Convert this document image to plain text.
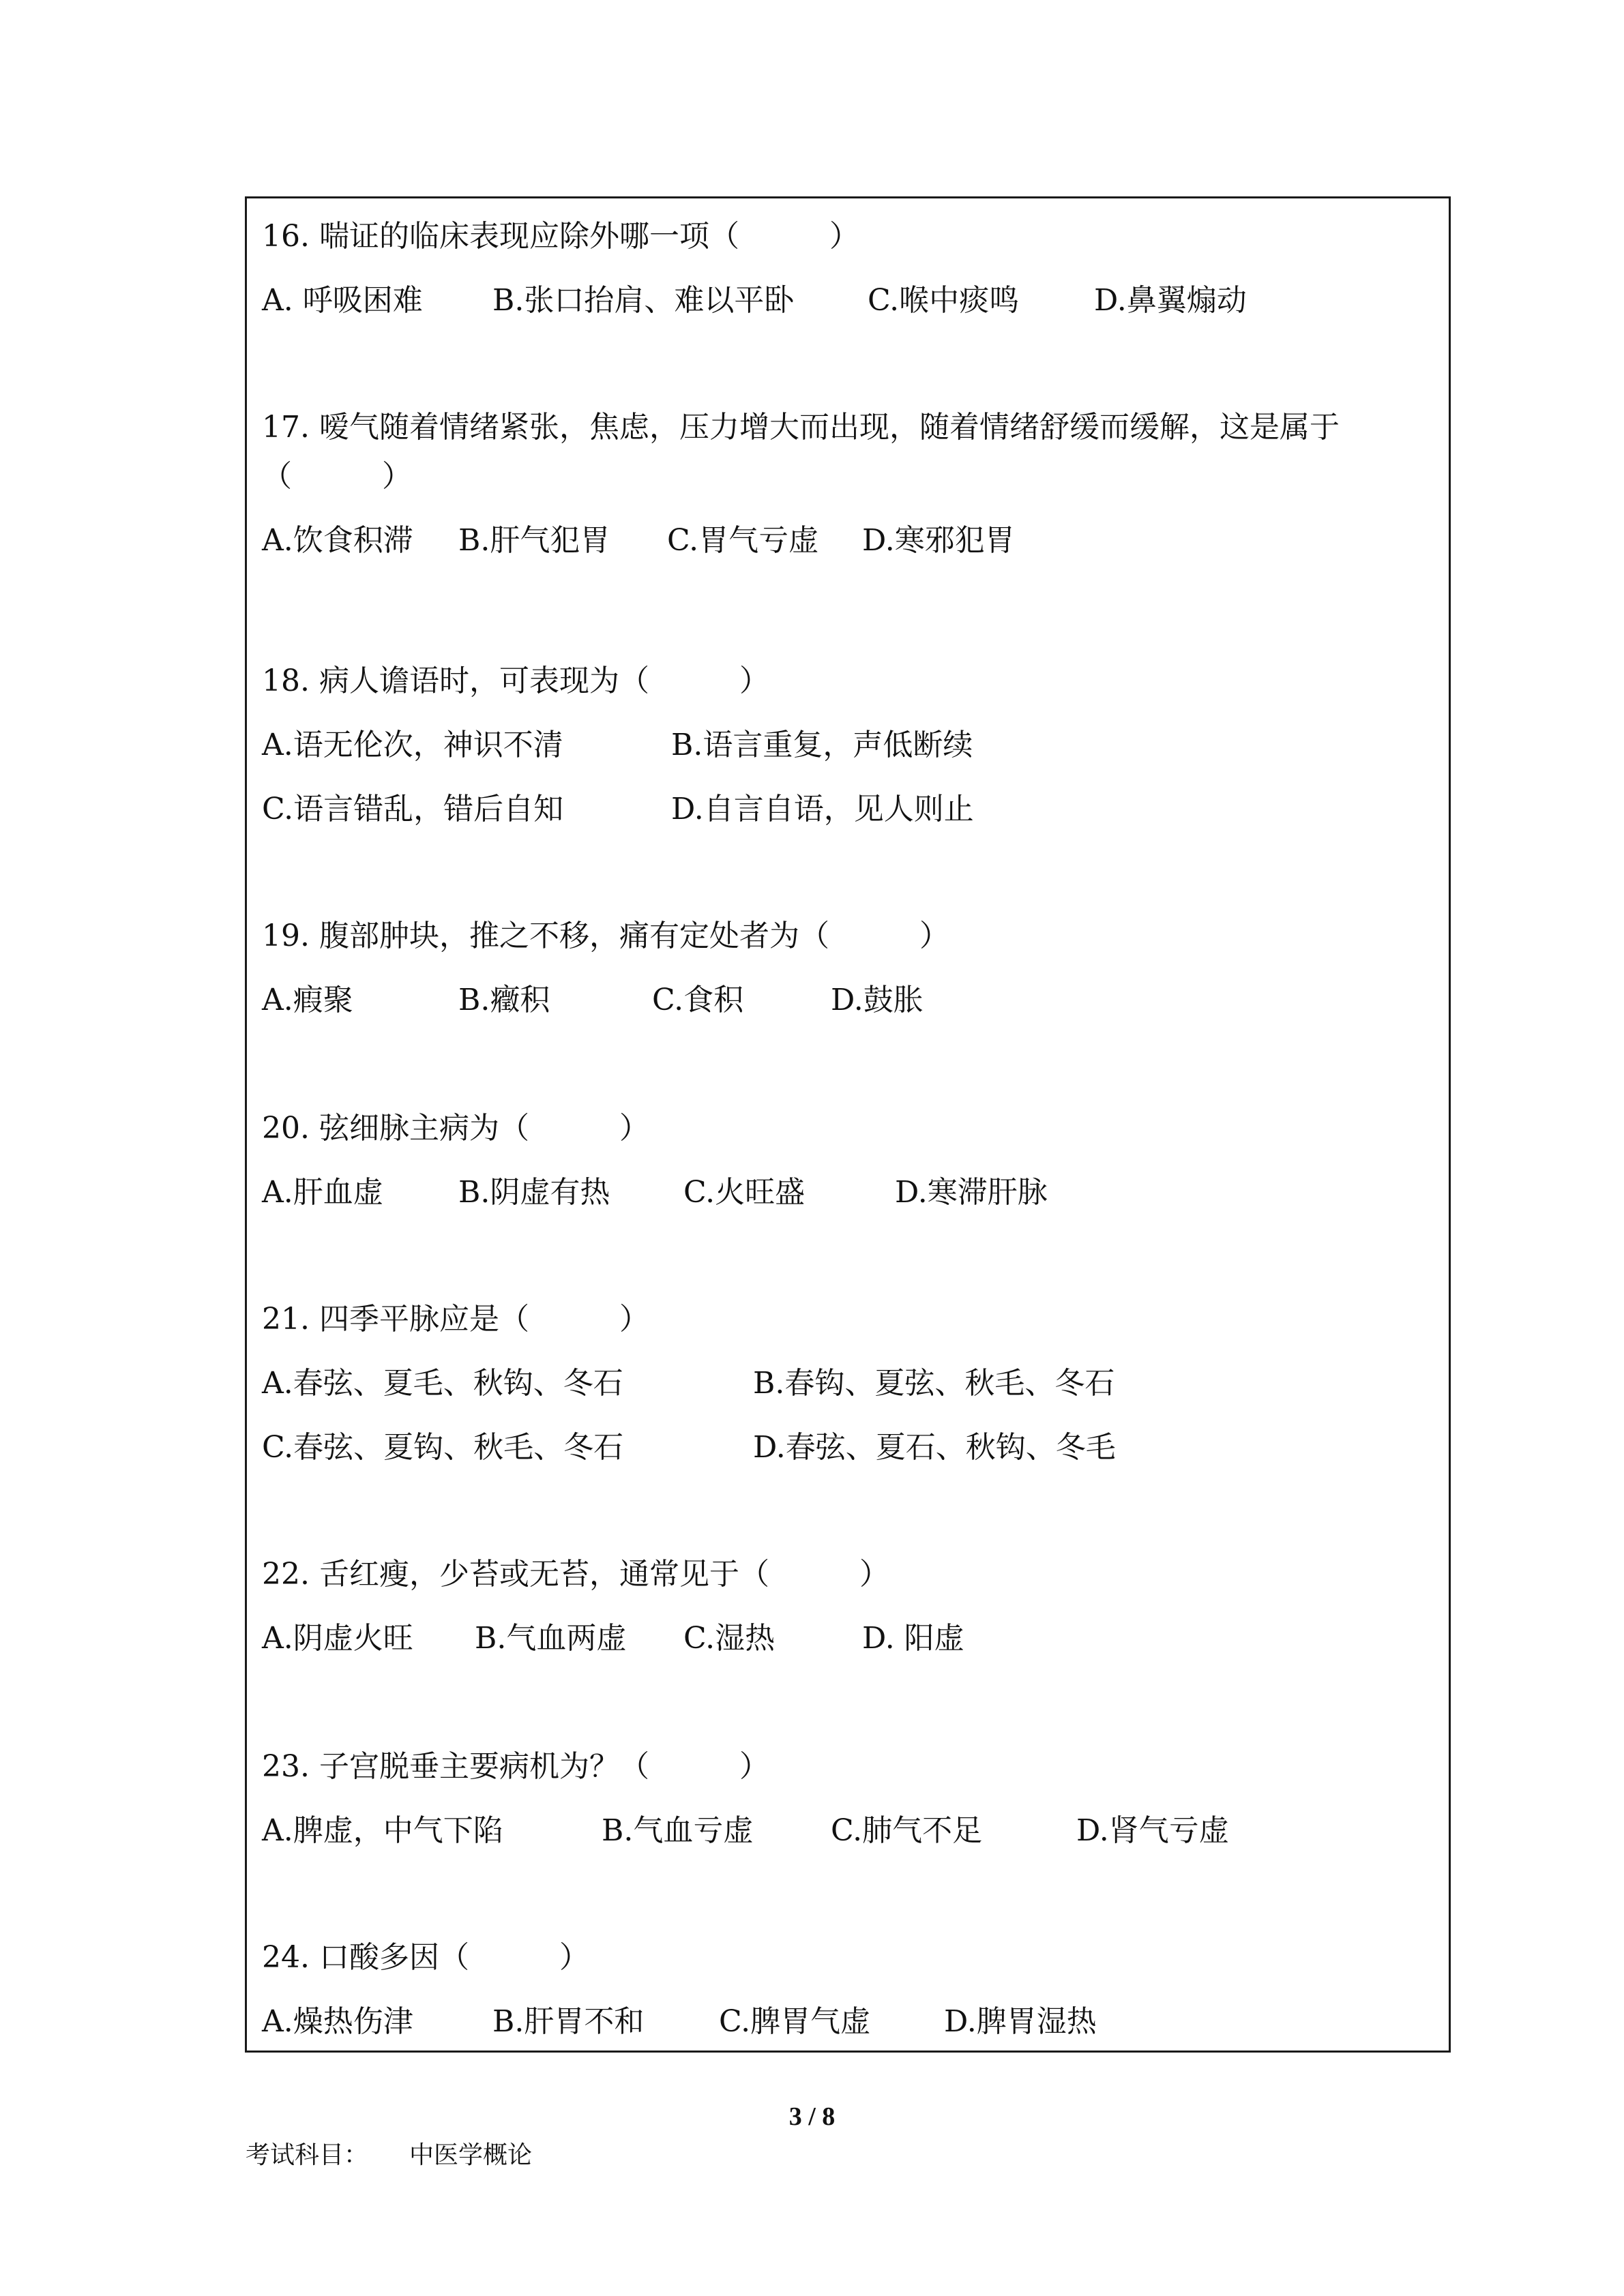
16. 喘证的临床表现应除外哪一项（　　　）
A. 呼吸困难 B.张口抬肩、难以平卧 C.喉中痰鸣 D.鼻翼煽动
17. 嗳气随着情绪紧张，焦虑，压力增大而出现，随着情绪舒缓而缓解，这是属于
（　　　）
A.饮食积滞 B.肝气犯胃 C.胃气亏虚 D.寒邪犯胃
18. 病人谵语时，可表现为（　　　）
A.语无伦次，神识不清	B.语言重复，声低断续
C.语言错乱，错后自知	D.自言自语，见人则止
19. 腹部肿块，推之不移，痛有定处者为（　　　）
A.瘕聚	B.癥积	C.食积	D.鼓胀
20. 弦细脉主病为（　　　）
A.肝血虚	B.阴虚有热 C.火旺盛	D.寒滞肝脉
21. 四季平脉应是（　　　）
A.春弦、夏毛、秋钩、冬石	B.春钩、夏弦、秋毛、冬石
C.春弦、夏钩、秋毛、冬石	D.春弦、夏石、秋钩、冬毛
22. 舌红瘦，少苔或无苔，通常见于（　　　）
A.阴虚火旺 B.气血两虚 C.湿热	D. 阳虚
23. 子宫脱垂主要病机为？（　　　）
A.脾虚，中气下陷	B.气血亏虚	C.肺气不足	D.肾气亏虚
24. 口酸多因（　　　）
A.燥热伤津	B.肝胃不和 C.脾胃气虚 D.脾胃湿热
3 / 8
考试科目： 中医学概论
